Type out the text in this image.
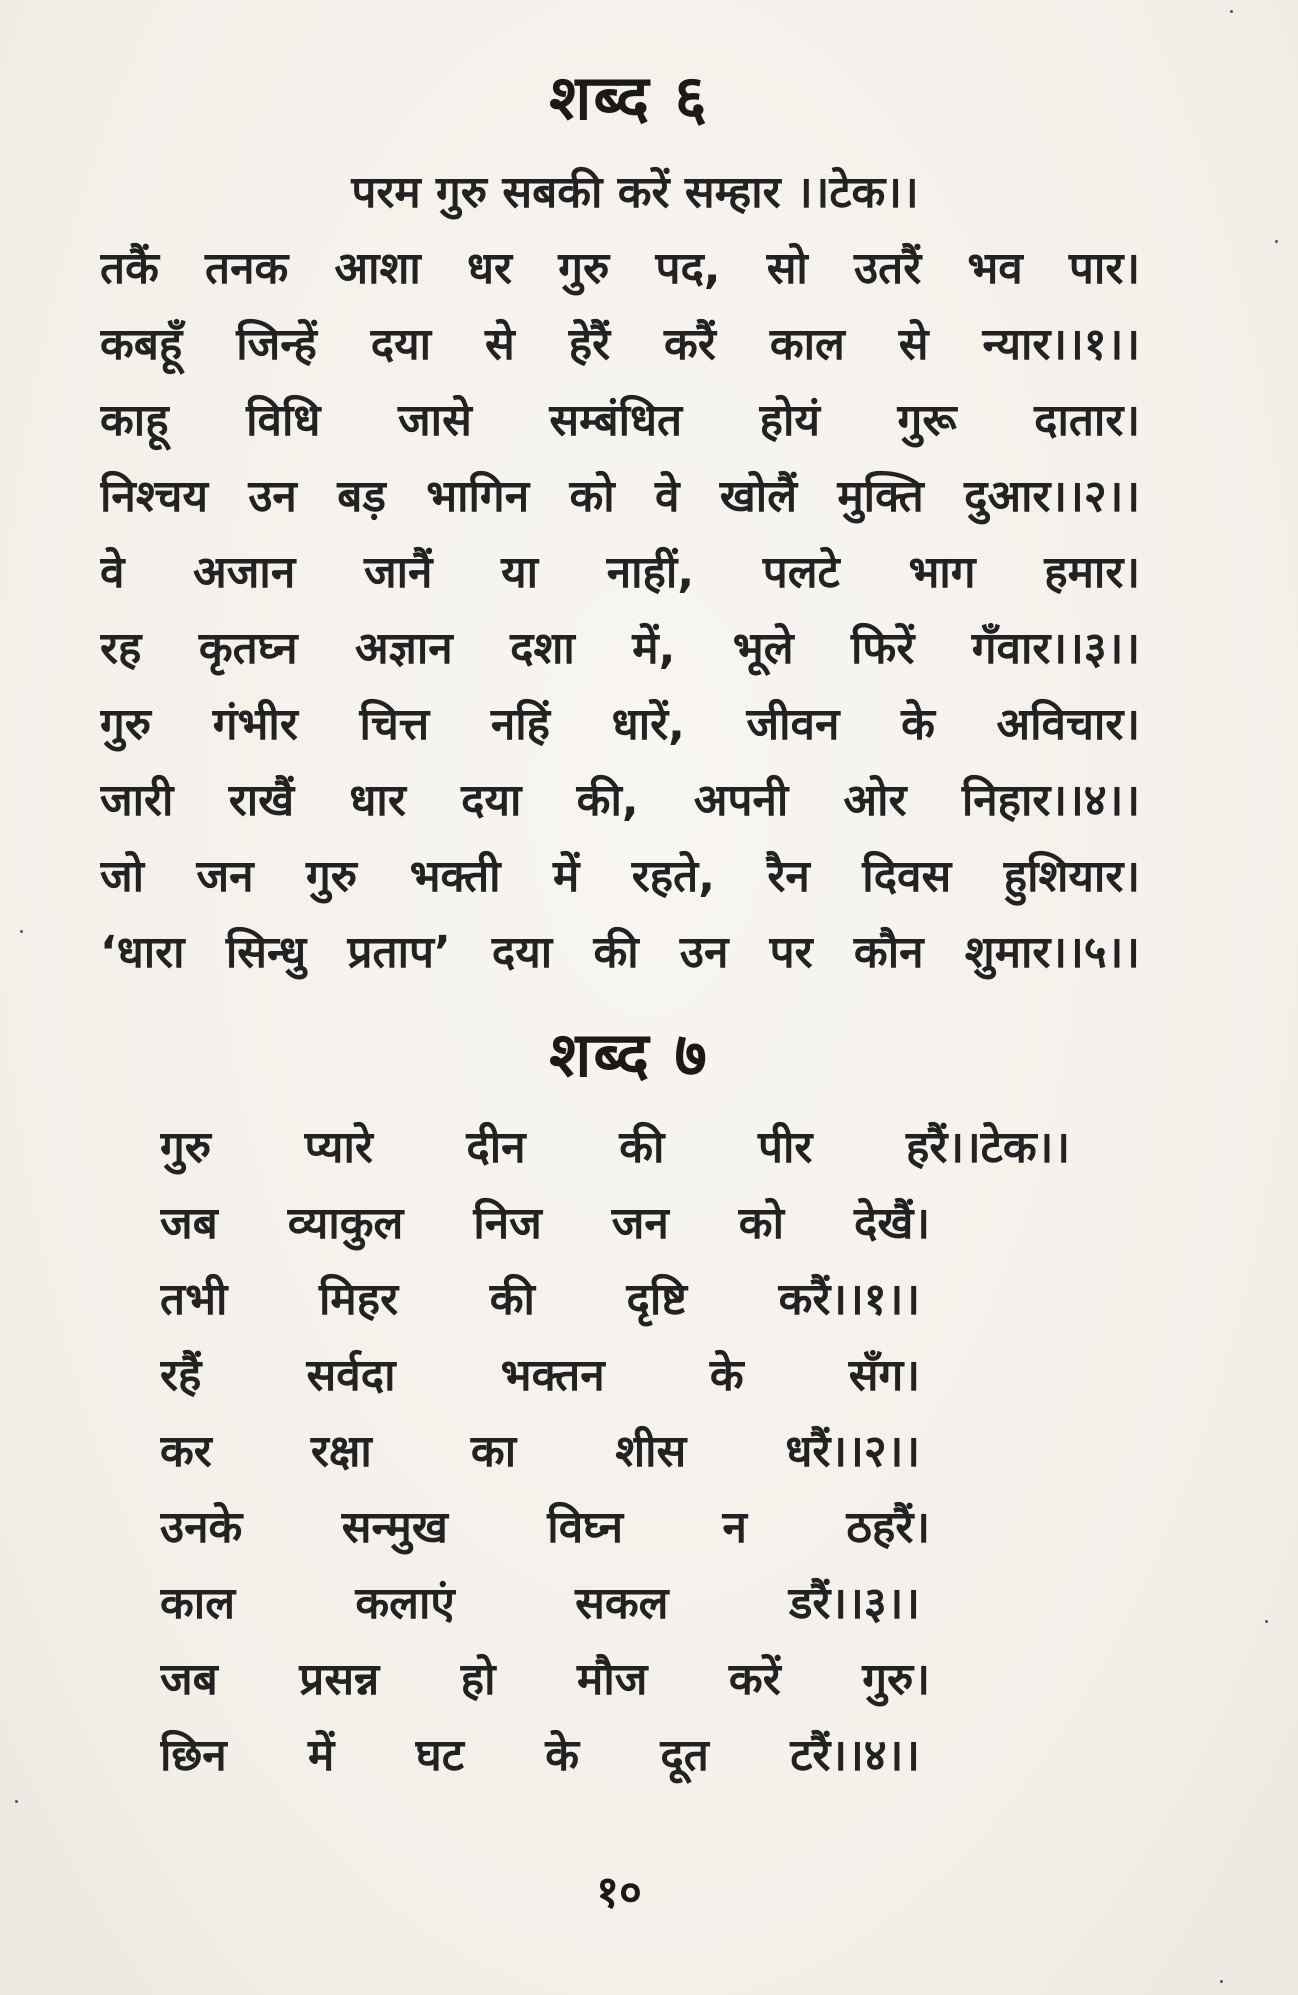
शब्द ६
परम गुरु सबकी करें सम्हार ।।टेक।।
तकैं तनक आशा धर गुरु पद, सो उतरैं भव पार।
कबहूँ जिन्हें दया से हेरैं करैं काल से न्यार।।१।।
काहू विधि जासे सम्बंधित होयं गुरू दातार।
निश्चय उन बड़ भागिन को वे खोलैं मुक्ति दुआर।।२।।
वे अजान जानैं या नाहीं, पलटे भाग हमार।
रह कृतघ्न अज्ञान दशा में, भूले फिरें गँवार।।३।।
गुरु गंभीर चित्त नहिं धारें, जीवन के अविचार।
जारी राखैं धार दया की, अपनी ओर निहार।।४।।
जो जन गुरु भक्ती में रहते, रैन दिवस हुशियार।
‘धारा सिन्धु प्रताप’ दया की उन पर कौन शुमार।।५।।
शब्द ७
गुरु प्यारे दीन की पीर हरैं।।टेक।।
जब व्याकुल निज जन को देखैं।
तभी मिहर की दृष्टि करैं।।१।।
रहैं सर्वदा भक्तन के सँग।
कर रक्षा का शीस धरैं।।२।।
उनके सन्मुख विघ्न न ठहरैं।
काल कलाएं सकल डरैं।।३।।
जब प्रसन्न हो मौज करें गुरु।
छिन में घट के दूत टरैं।।४।।
१०
